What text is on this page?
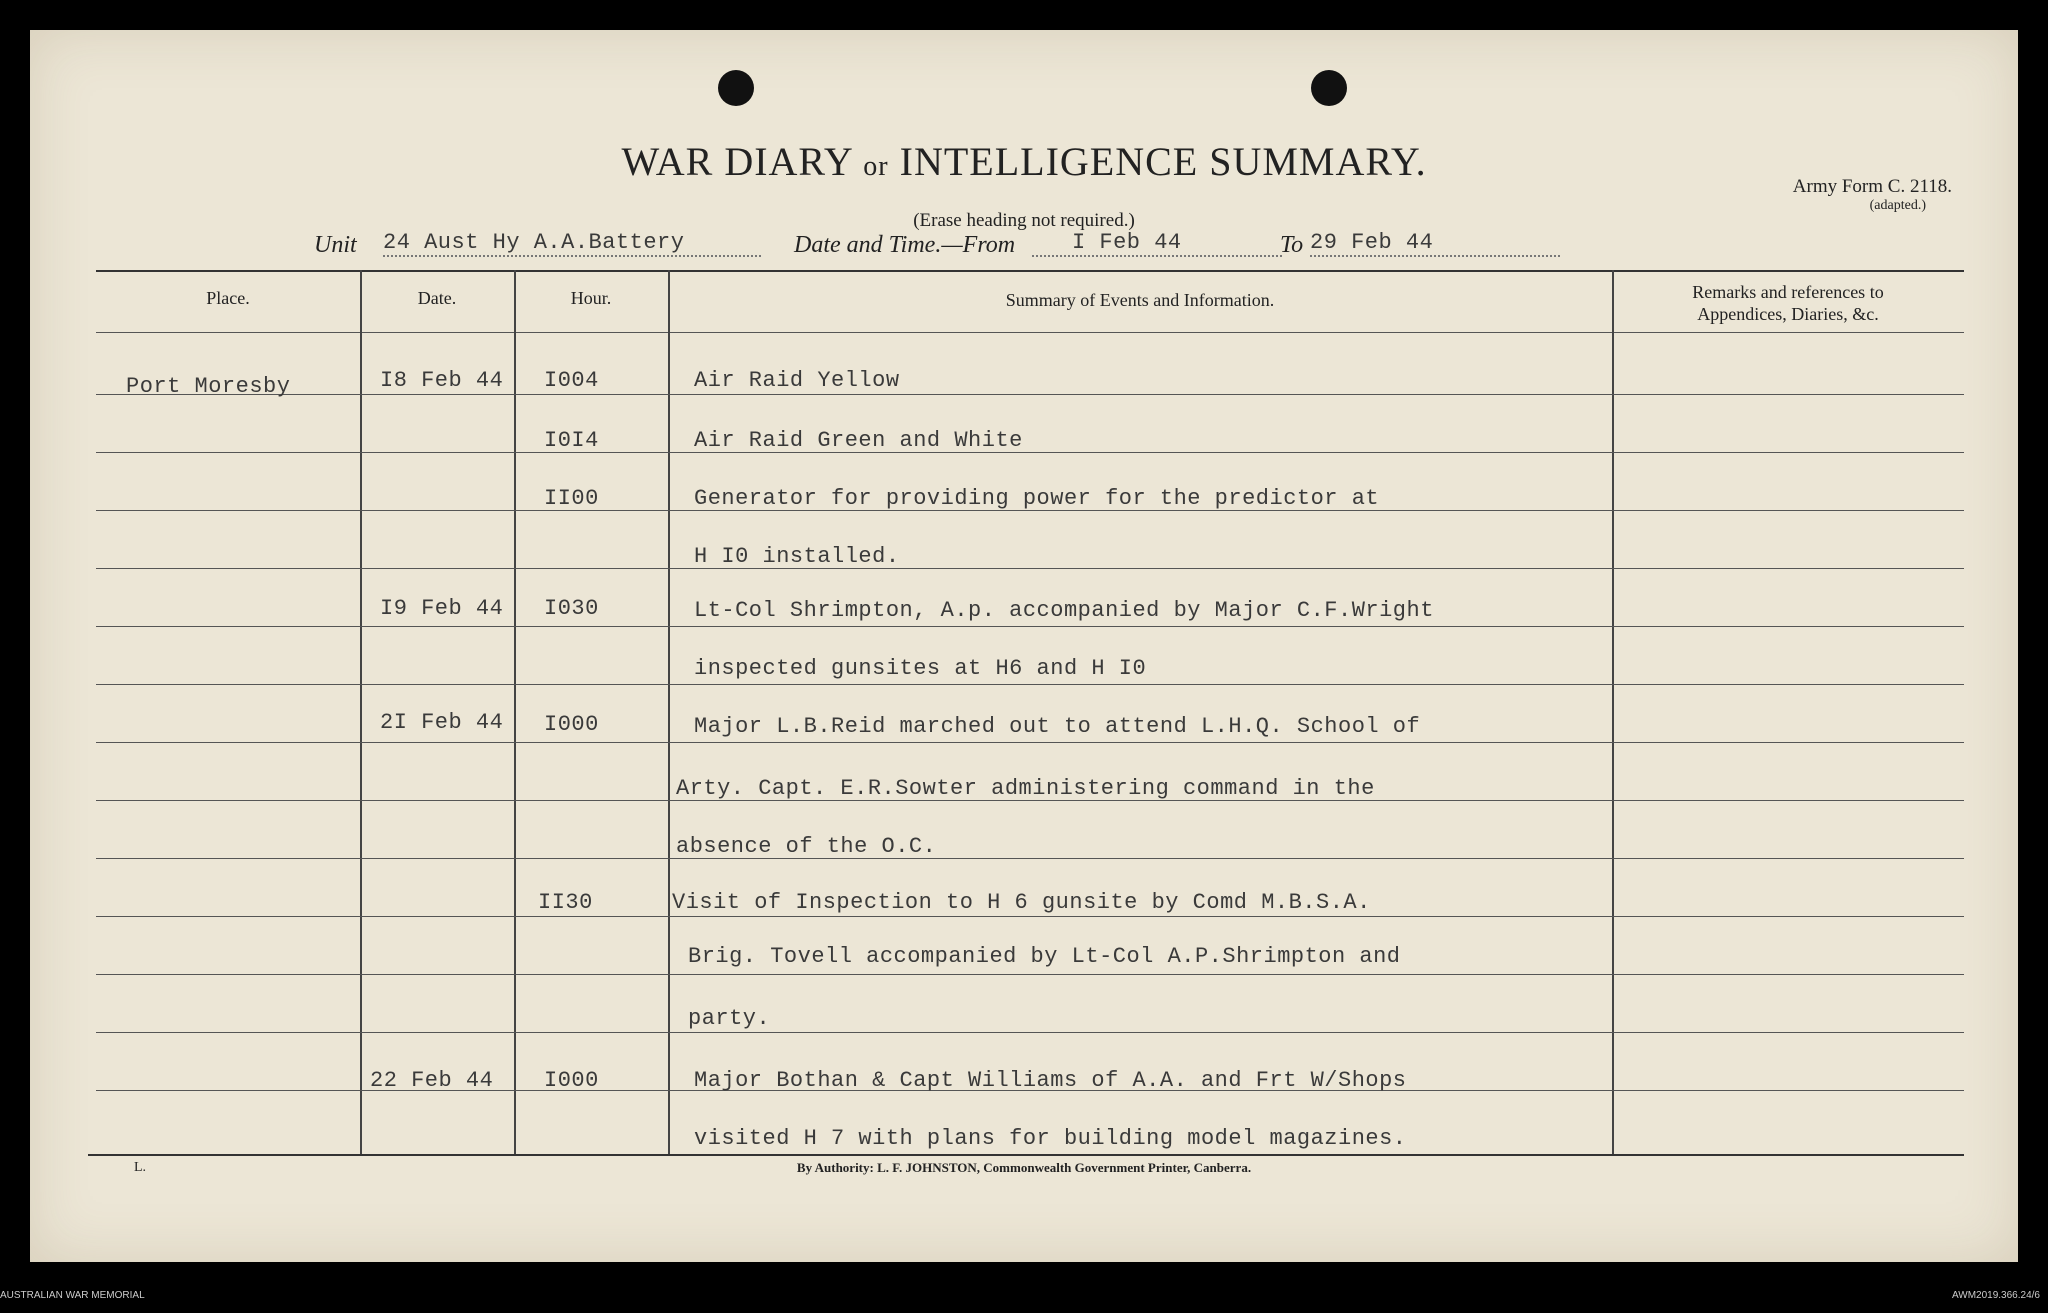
WAR DIARY or INTELLIGENCE SUMMARY.
(Erase heading not required.)
Army Form C. 2118.
(adapted.)
Unit 24 Aust Hy A.A.Battery	Date and Time.—From	I Feb 44	To 29 Feb 44
Place.	Date.	Hour.	Summary of Events and Information.	Remarks and references to
Appendices, Diaries, &c.
Port Moresby	I8 Feb 44 I004	Air Raid Yellow
I0I4	Air Raid Green and White
II00	Generator for providing power for the predictor at
H I0 installed.
I9 Feb 44 I030	Lt-Col Shrimpton, A.p. accompanied by Major C.F.Wright
inspected gunsites at H6 and H I0
2I Feb 44 I000	Major L.B.Reid marched out to attend L.H.Q. School of
Arty. Capt. E.R.Sowter administering command in the
absence of the O.C.
II30	Visit of Inspection to H 6 gunsite by Comd M.B.S.A.
Brig. Tovell accompanied by Lt-Col A.P.Shrimpton and
party.
22 Feb 44 I000	Major Bothan & Capt Williams of A.A. and Frt W/Shops
visited H 7 with plans for building model magazines.
L.	By Authority: L. F. JOHNSTON, Commonwealth Government Printer, Canberra.
AUSTRALIAN WAR MEMORIAL	AWM2019.366.24/6
